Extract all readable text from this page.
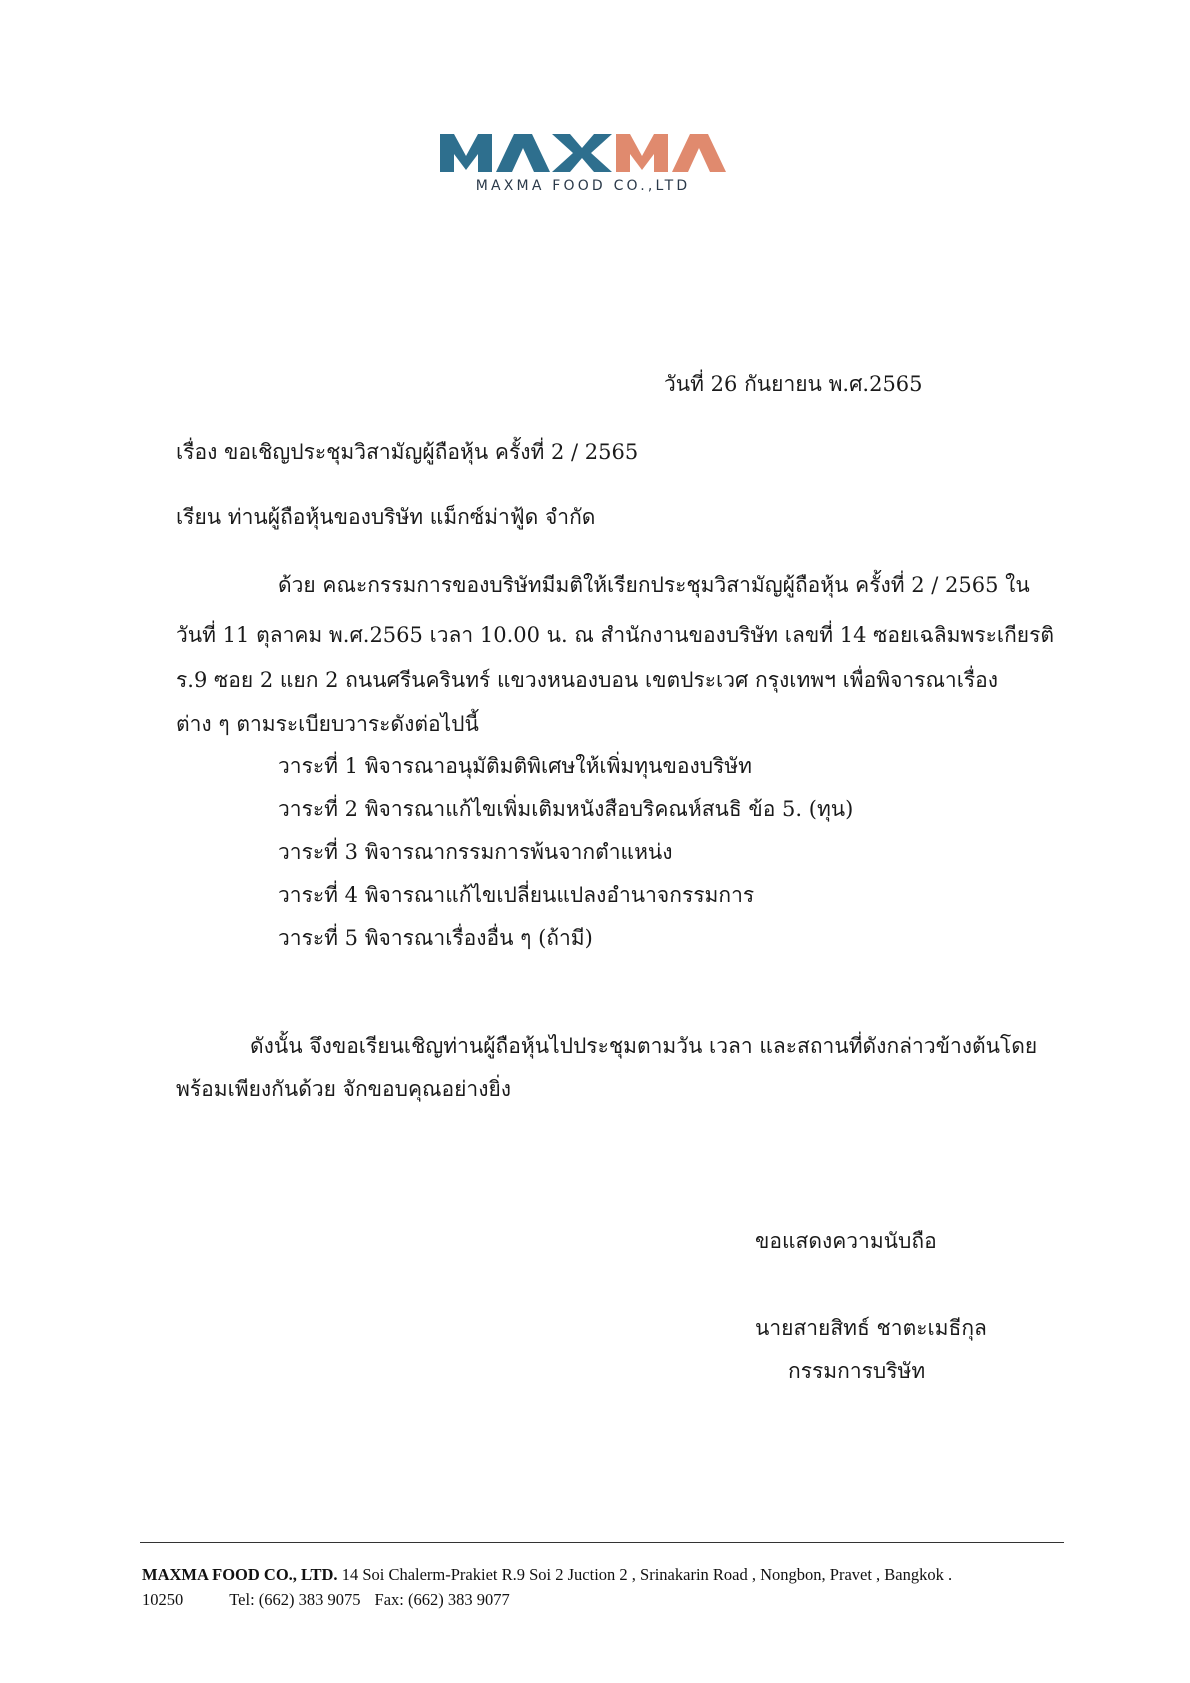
MAXMA FOOD CO.,LTD
วันที่ 26 กันยายน พ.ศ.2565
เรื่อง ขอเชิญประชุมวิสามัญผู้ถือหุ้น ครั้งที่ 2 / 2565
เรียน ท่านผู้ถือหุ้นของบริษัท แม็กซ์ม่าฟู้ด จำกัด
ด้วย คณะกรรมการของบริษัทมีมติให้เรียกประชุมวิสามัญผู้ถือหุ้น ครั้งที่ 2 / 2565 ใน
วันที่ 11 ตุลาคม พ.ศ.2565 เวลา 10.00 น. ณ สำนักงานของบริษัท เลขที่ 14 ซอยเฉลิมพระเกียรติ
ร.9 ซอย 2 แยก 2 ถนนศรีนครินทร์ แขวงหนองบอน เขตประเวศ กรุงเทพฯ เพื่อพิจารณาเรื่อง
ต่าง ๆ ตามระเบียบวาระดังต่อไปนี้
วาระที่ 1 พิจารณาอนุมัติมติพิเศษให้เพิ่มทุนของบริษัท
วาระที่ 2 พิจารณาแก้ไขเพิ่มเติมหนังสือบริคณห์สนธิ ข้อ 5. (ทุน)
วาระที่ 3 พิจารณากรรมการพ้นจากตำแหน่ง
วาระที่ 4 พิจารณาแก้ไขเปลี่ยนแปลงอำนาจกรรมการ
วาระที่ 5 พิจารณาเรื่องอื่น ๆ (ถ้ามี)
ดังนั้น จึงขอเรียนเชิญท่านผู้ถือหุ้นไปประชุมตามวัน เวลา และสถานที่ดังกล่าวข้างต้นโดย
พร้อมเพียงกันด้วย จักขอบคุณอย่างยิ่ง
ขอแสดงความนับถือ
นายสายสิทธ์ ชาตะเมธีกุล
กรรมการบริษัท
MAXMA FOOD CO., LTD. 14 Soi Chalerm-Prakiet R.9 Soi 2 Juction 2 , Srinakarin Road , Nongbon, Pravet , Bangkok .
10250	Tel: (662) 383 9075 Fax: (662) 383 9077
